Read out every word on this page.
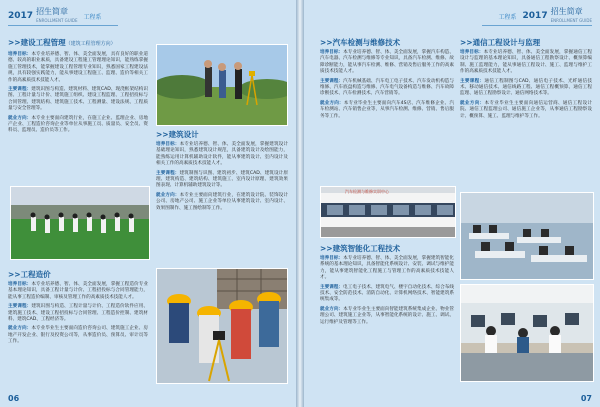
2017 招生简章
ENROLLMENT GUIDE 工程系
>>建设工程管理（建筑工程管理方向）

培养目标：本专业培养德、智、体、美全面发展，具有良好的职业道德、较高的职业素质，具备建设工程施工管理理论知识，能熟练掌握施工管理技术，能掌握建设工程管理专业知识，熟悉国家工程建设法规，具有较强实践能力，能从事建设工程施工、监理、造价等相关工作的高素质技术技能人才。

主要课程：建筑识图与构造、建筑材料、建筑CAD、现浇框架结构识图、工程计量与计价、建筑施工组织、建设工程监理、工程招投标与合同管理、建筑结构、建筑施工技术、工程测量、建设法规、工程质量与安全管理等。

就业方向：本专业主要面向建筑行业，在施工企业、监理企业、房地产企业、工程造价咨询企业等单位从事施工员、质量员、安全员、资料员、监理员、造价员等工作。	>>建筑设计

培养目标：本专业培养德、智、体、美全面发展，掌握建筑设计基础理论知识，熟悉建筑设计规范，具备建筑设计及绘图能力，能熟练运用计算机辅助设计软件，能从事建筑设计、室内设计及相关工作的高素质技术技能人才。

主要课程：建筑制图与识图、建筑初步、建筑CAD、建筑设计原理、建筑构造、建筑结构、建筑施工、室内设计原理、建筑效果图表现、计算机辅助建筑设计等。

就业方向：本专业主要面向建筑行业，在建筑设计院、装饰设计公司、房地产公司、施工企业等单位从事建筑设计、室内设计、效果图制作、施工图绘制等工作。

>>工程造价

培养目标：本专业培养德、智、体、美全面发展，掌握工程造价专业基本理论知识，具备工程计量与计价、工程招投标与合同管理能力，能从事工程造价编制、审核及管理工作的高素质技术技能人才。

主要课程：建筑识图与构造、工程计量与计价、工程造价软件应用、建筑施工技术、建设工程招投标与合同管理、工程造价控制、建筑材料、建筑CAD、工程经济等。

就业方向：本专业毕业生主要面向造价咨询公司、建筑施工企业、房地产开发企业、银行及投资公司等，从事造价员、预算员、审计员等工作。

06
工程系 2017 招生简章
ENROLLMENT GUIDE
>>汽车检测与维修技术

培养目标：本专业培养德、智、体、美全面发展，掌握汽车构造、汽车电器、汽车检测与维修等专业知识，具备汽车检测、维修、故障诊断能力，能从事汽车检测、维修、营销及售后服务工作的高素质技术技能人才。

主要课程：汽车机械基础、汽车电工电子技术、汽车发动机构造与维修、汽车底盘构造与维修、汽车电气设备构造与维修、汽车故障诊断技术、汽车检测技术、汽车营销等。

就业方向：本专业毕业生主要面向汽车4S店、汽车维修企业、汽车检测站、汽车销售企业等，从事汽车检测、维修、营销、售后服务等工作。

汽车检测与维修实训中心
>>建筑智能化工程技术

培养目标：本专业培养德、智、体、美全面发展，掌握建筑智能化系统的基本理论知识，具备智能化系统设计、安装、调试与维护能力，能从事建筑智能化工程施工与管理工作的高素质技术技能人才。

主要课程：电工电子技术、建筑电气、楼宇自动化技术、综合布线技术、安全防范技术、消防自动化、计算机网络技术、智能建筑系统集成等。

就业方向：本专业毕业生主要面向智能建筑系统集成企业、物业管理公司、建筑施工企业等，从事智能化系统的设计、施工、调试、运行维护及管理等工作。

>>通信工程设计与监理

培养目标：本专业培养德、智、体、美全面发展，掌握通信工程设计与监理的基本理论知识，具备通信工程勘察设计、概预算编制、施工监理能力，能从事通信工程设计、施工、监理与维护工作的高素质技术技能人才。

主要课程：通信工程制图与CAD、通信电子技术、光纤通信技术、移动通信技术、通信线路工程、通信工程概预算、通信工程监理、通信工程勘察设计、通信网络技术等。

就业方向：本专业毕业生主要面向通信运营商、通信工程设计院、通信工程监理公司、通信施工企业等，从事通信工程勘察设计、概预算、施工、监理与维护等工作。

07
